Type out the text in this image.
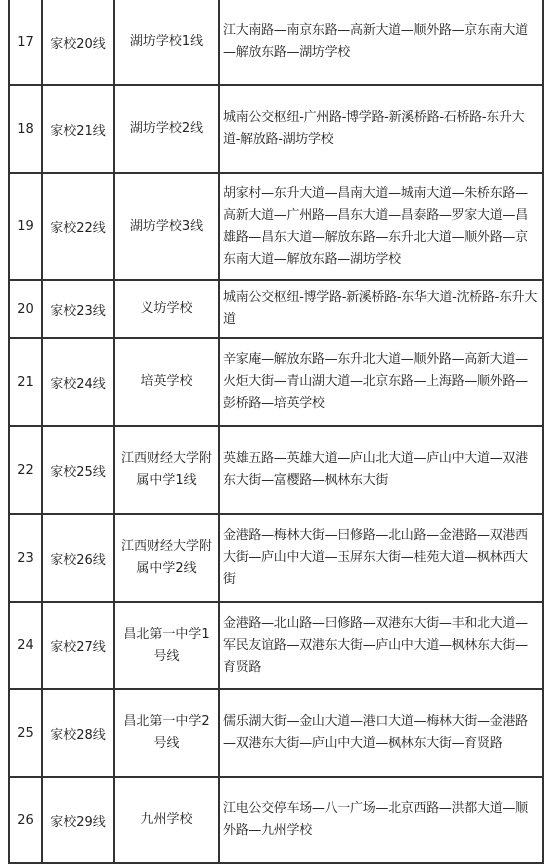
17	家校20线	湖坊学校1线	江大南路—南京东路—高新大道—顺外路—京东南大道—解放东路—湖坊学校
18	家校21线	湖坊学校2线	城南公交枢纽-广州路-博学路-新溪桥路-石桥路-东升大道-解放路-湖坊学校
19	家校22线	湖坊学校3线	胡家村—东升大道—昌南大道—城南大道—朱桥东路—高新大道—广州路—昌东大道—昌泰路—罗家大道—昌雄路—昌东大道—解放东路—东升北大道—顺外路—京东南大道—解放东路—湖坊学校
20	家校23线	义坊学校	城南公交枢纽-博学路-新溪桥路-东华大道-沈桥路-东升大道
21	家校24线	培英学校	辛家庵—解放东路—东升北大道—顺外路—高新大道—火炬大街—青山湖大道—北京东路—上海路—顺外路—彭桥路—培英学校
22	家校25线	江西财经大学附属中学1线	英雄五路—英雄大道—庐山北大道—庐山中大道—双港东大街—富樱路—枫林东大街
23	家校26线	江西财经大学附属中学2线	金港路—梅林大街—曰修路—北山路—金港路—双港西大街—庐山中大道—玉屏东大街—桂苑大道—枫林西大街
24	家校27线	昌北第一中学1号线	金港路—北山路—曰修路—双港东大街—丰和北大道—军民友谊路—双港东大街—庐山中大道—枫林东大街—育贤路
25	家校28线	昌北第一中学2号线	儒乐湖大街—金山大道—港口大道—梅林大街—金港路—双港东大街—庐山中大道—枫林东大街—育贤路
26	家校29线	九州学校	江电公交停车场—八一广场—北京西路—洪都大道—顺外路—九州学校
